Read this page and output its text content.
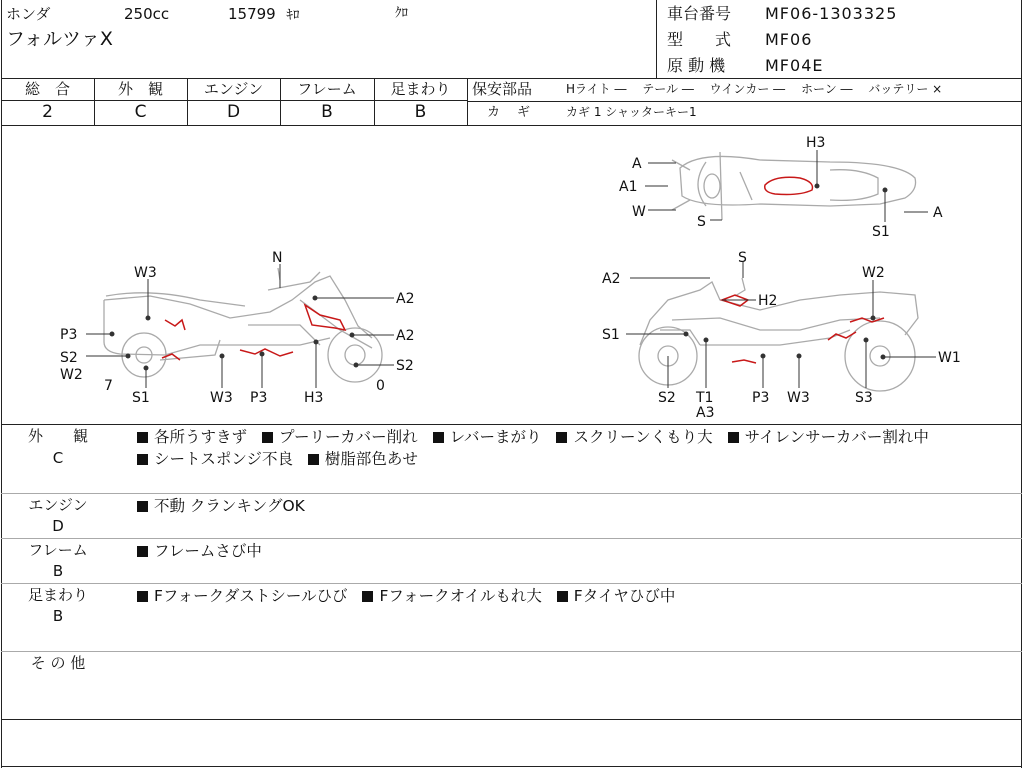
ホンダ	250cc	15799 ｷﾛ	ｸﾛ
フォルツァX
車台番号 MF06-1303325
型　　式 MF06
原 動 機 MF04E
総　合	外　観	エンジン	フレーム	足まわり
2	C	D	B	B
保安部品	Hライト ―　 テール ―　 ウインカー ―　 ホーン ―　 バッテリー ×
カ　ギ	カギ 1 シャッターキー1
W3
N
A2
A2
P3
S2
W2
7
S1	W3 P3	H3
0
S2
H3
A
A1
W
S
S1
A
S
A2	W2
H2
S1
W1
S2 T1
A3
P3 W3	S3
外　　観
C
各所うすきず プーリーカバー削れ レバーまがり スクリーンくもり大 サイレンサーカバー割れ中
シートスポンジ不良 樹脂部色あせ
エンジン
D
不動 クランキングOK
フレーム
B
フレームさび中
足まわり
B
Fフォークダストシールひび Fフォークオイルもれ大 Fタイヤひび中
そ の 他
